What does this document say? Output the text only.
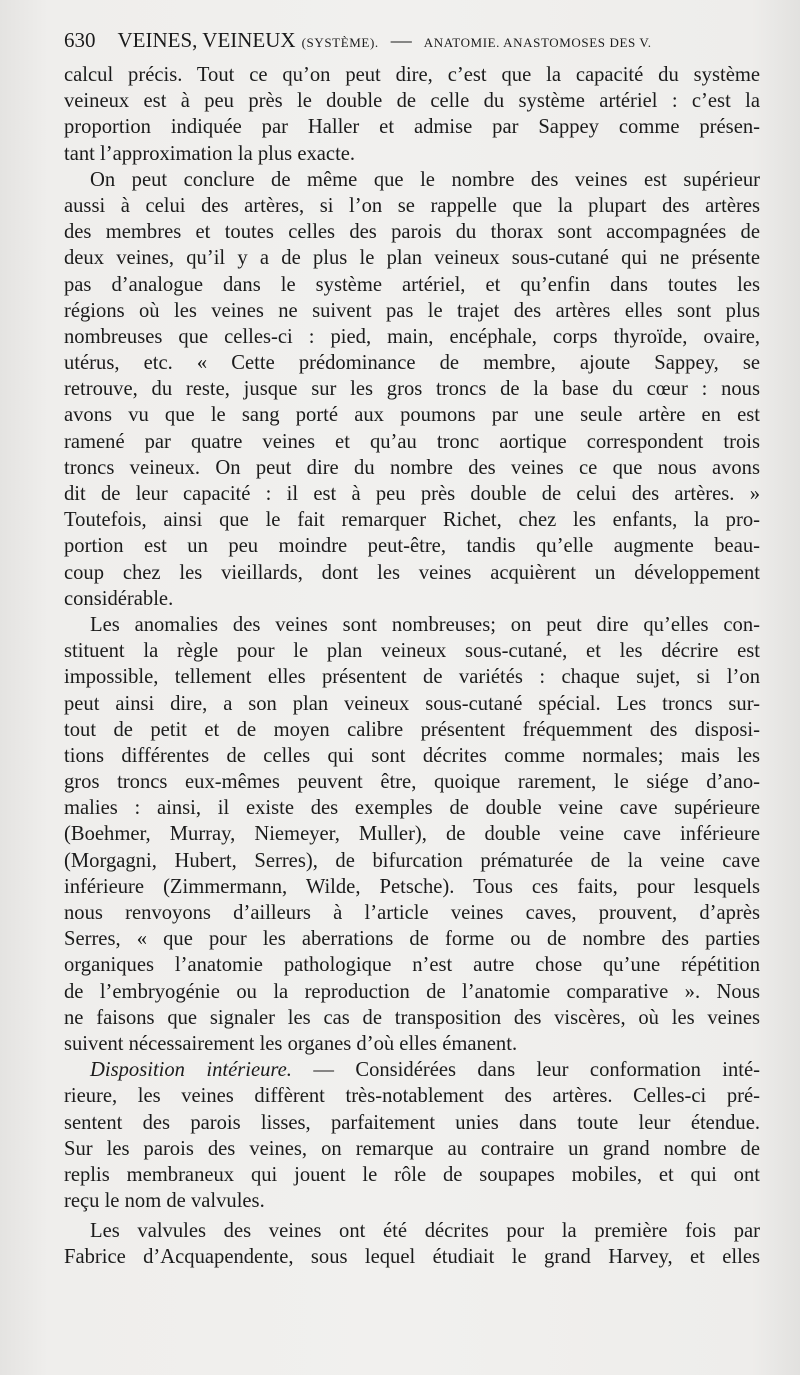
630 VEINES, VEINEUX (SYSTÈME). — ANATOMIE. ANASTOMOSES DES V.
calcul précis. Tout ce qu’on peut dire, c’est que la capacité du système
veineux est à peu près le double de celle du système artériel : c’est la
proportion indiquée par Haller et admise par Sappey comme présen-
tant l’approximation la plus exacte.
On peut conclure de même que le nombre des veines est supérieur
aussi à celui des artères, si l’on se rappelle que la plupart des artères
des membres et toutes celles des parois du thorax sont accompagnées de
deux veines, qu’il y a de plus le plan veineux sous-cutané qui ne présente
pas d’analogue dans le système artériel, et qu’enfin dans toutes les
régions où les veines ne suivent pas le trajet des artères elles sont plus
nombreuses que celles-ci : pied, main, encéphale, corps thyroïde, ovaire,
utérus, etc. « Cette prédominance de membre, ajoute Sappey, se
retrouve, du reste, jusque sur les gros troncs de la base du cœur : nous
avons vu que le sang porté aux poumons par une seule artère en est
ramené par quatre veines et qu’au tronc aortique correspondent trois
troncs veineux. On peut dire du nombre des veines ce que nous avons
dit de leur capacité : il est à peu près double de celui des artères. »
Toutefois, ainsi que le fait remarquer Richet, chez les enfants, la pro-
portion est un peu moindre peut-être, tandis qu’elle augmente beau-
coup chez les vieillards, dont les veines acquièrent un développement
considérable.
Les anomalies des veines sont nombreuses; on peut dire qu’elles con-
stituent la règle pour le plan veineux sous-cutané, et les décrire est
impossible, tellement elles présentent de variétés : chaque sujet, si l’on
peut ainsi dire, a son plan veineux sous-cutané spécial. Les troncs sur-
tout de petit et de moyen calibre présentent fréquemment des disposi-
tions différentes de celles qui sont décrites comme normales; mais les
gros troncs eux-mêmes peuvent être, quoique rarement, le siége d’ano-
malies : ainsi, il existe des exemples de double veine cave supérieure
(Boehmer, Murray, Niemeyer, Muller), de double veine cave inférieure
(Morgagni, Hubert, Serres), de bifurcation prématurée de la veine cave
inférieure (Zimmermann, Wilde, Petsche). Tous ces faits, pour lesquels
nous renvoyons d’ailleurs à l’article veines caves, prouvent, d’après
Serres, « que pour les aberrations de forme ou de nombre des parties
organiques l’anatomie pathologique n’est autre chose qu’une répétition
de l’embryogénie ou la reproduction de l’anatomie comparative ». Nous
ne faisons que signaler les cas de transposition des viscères, où les veines
suivent nécessairement les organes d’où elles émanent.
Disposition intérieure. — Considérées dans leur conformation inté-
rieure, les veines diffèrent très-notablement des artères. Celles-ci pré-
sentent des parois lisses, parfaitement unies dans toute leur étendue.
Sur les parois des veines, on remarque au contraire un grand nombre de
replis membraneux qui jouent le rôle de soupapes mobiles, et qui ont
reçu le nom de valvules.
Les valvules des veines ont été décrites pour la première fois par
Fabrice d’Acquapendente, sous lequel étudiait le grand Harvey, et elles
